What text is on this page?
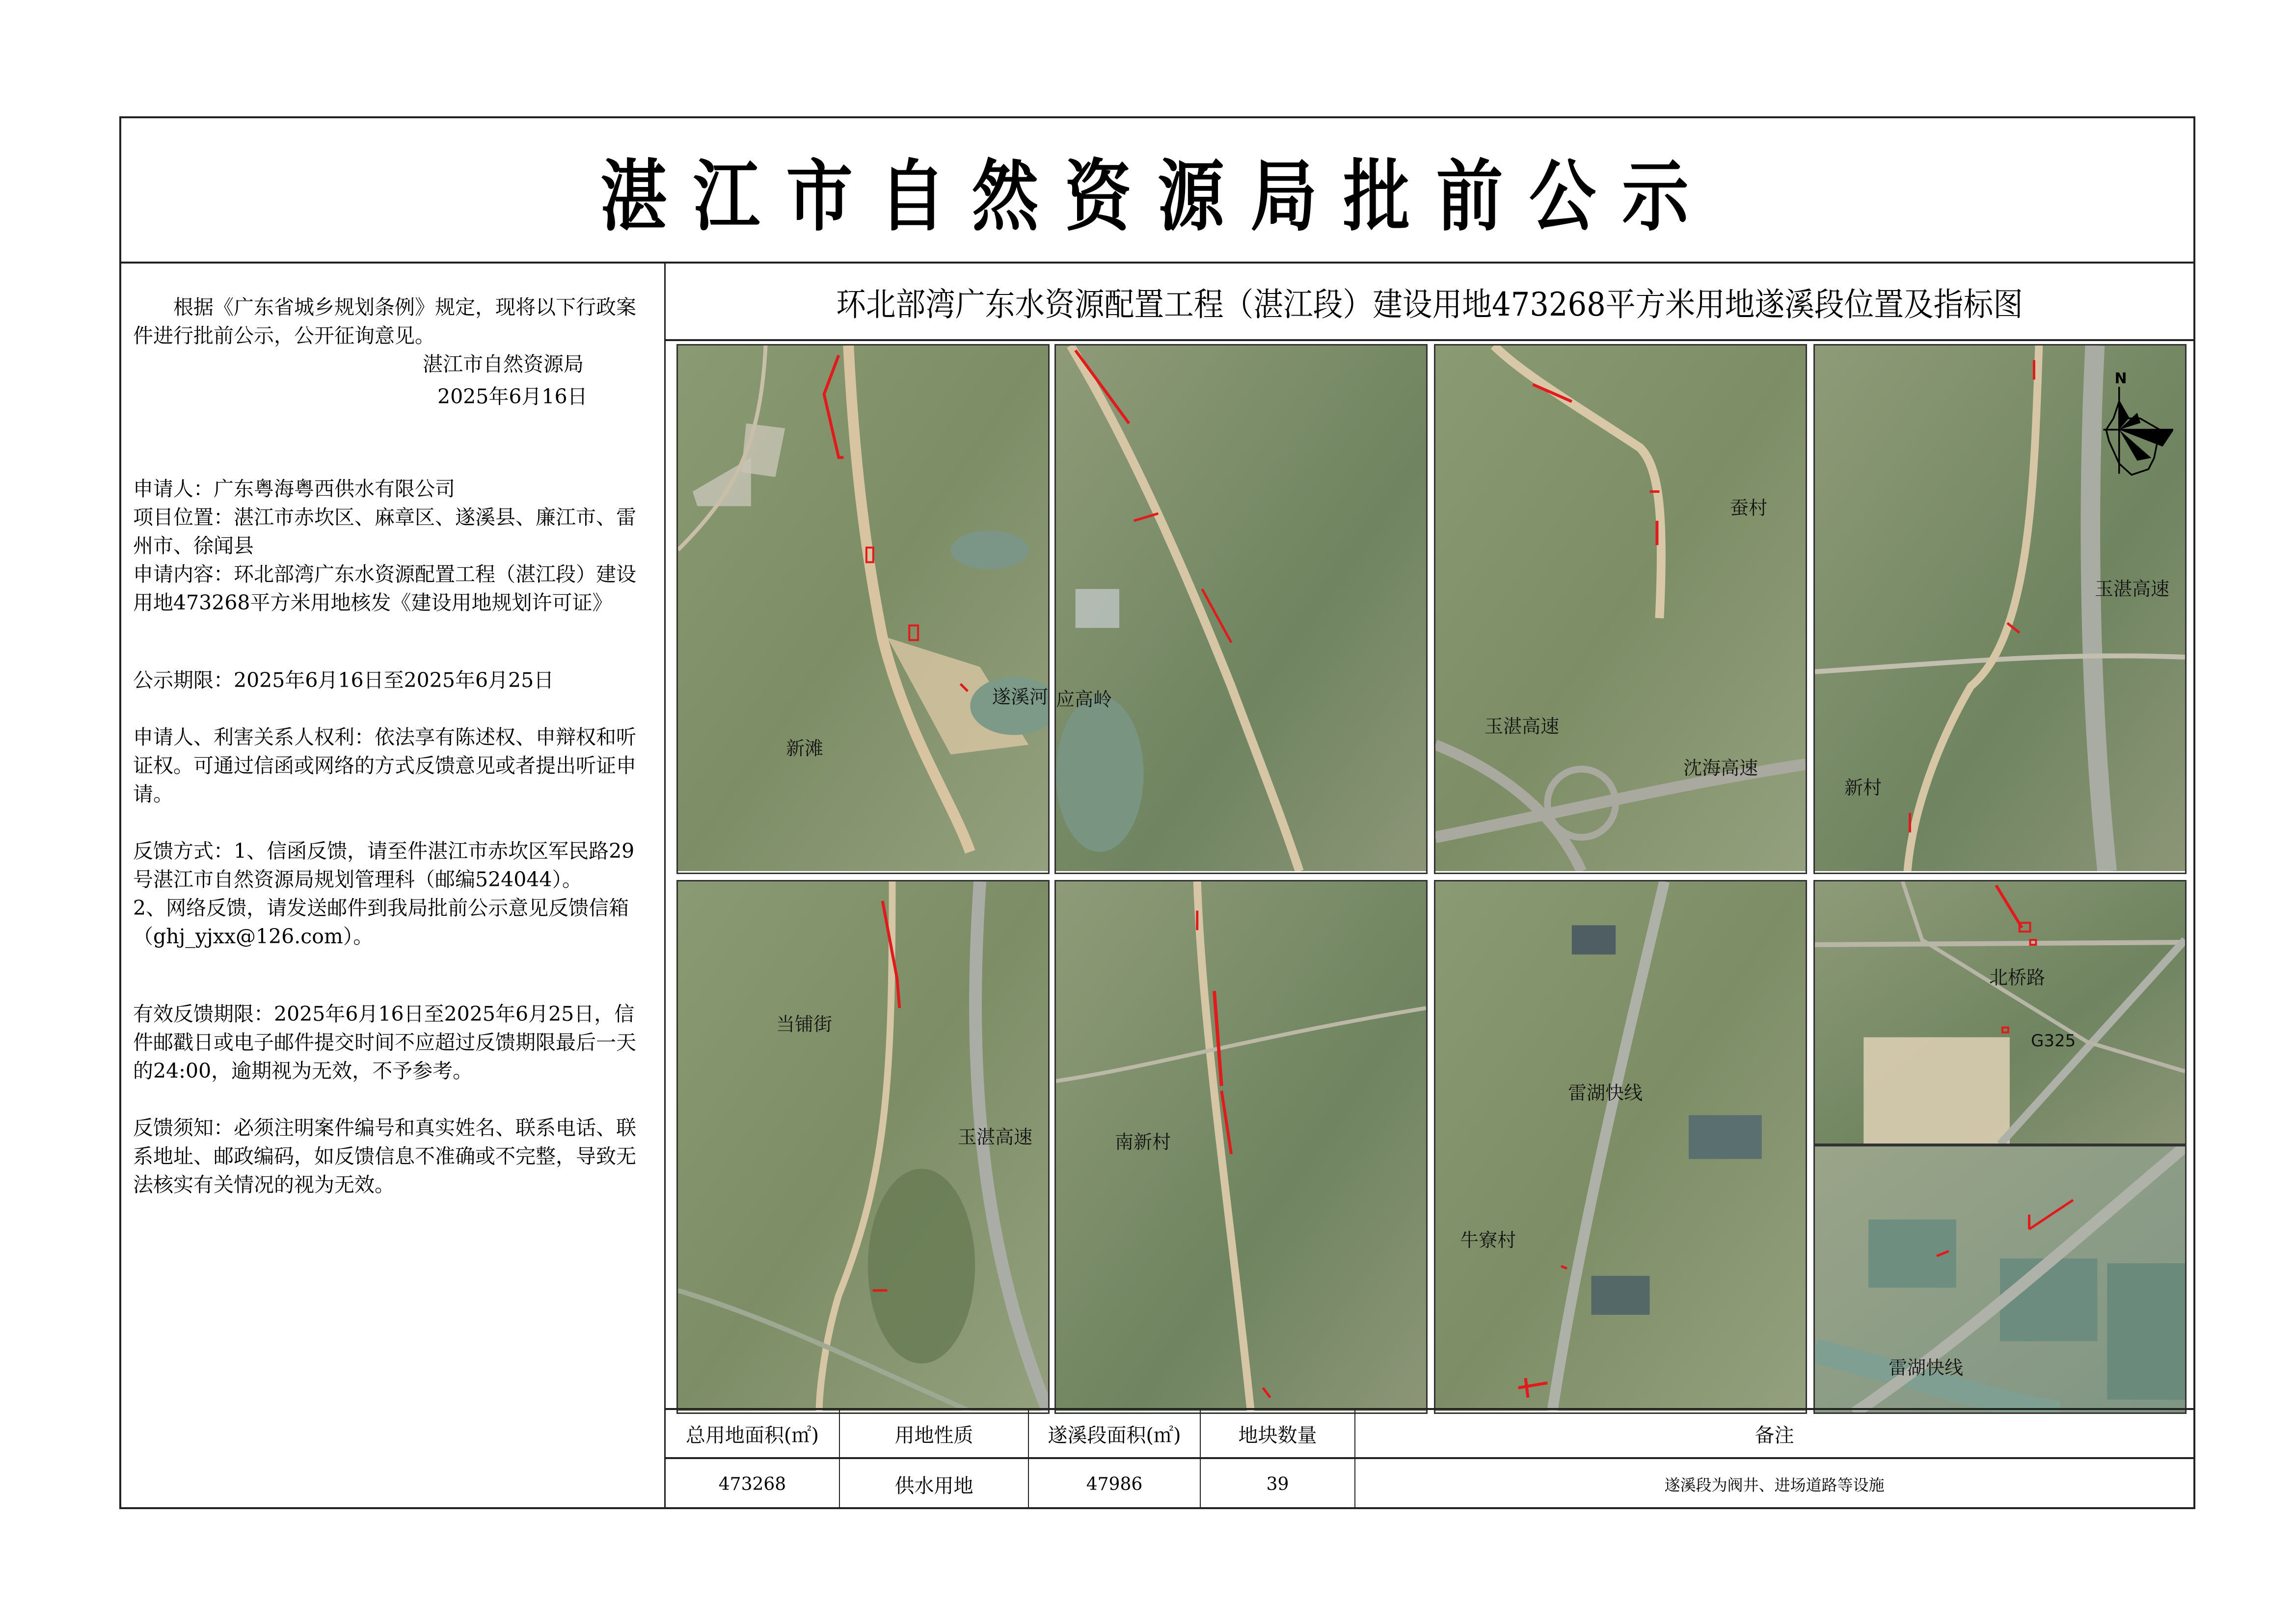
湛江市自然资源局批前公示

根据《广东省城乡规划条例》规定，现将以下行政案件进行批前公示，公开征询意见。

湛江市自然资源局

2025年6月16日

申请人：广东粤海粤西供水有限公司

项目位置：湛江市赤坎区、麻章区、遂溪县、廉江市、雷州市、徐闻县

申请内容：环北部湾广东水资源配置工程（湛江段）建设用地473268平方米用地核发《建设用地规划许可证》

公示期限：2025年6月16日至2025年6月25日

申请人、利害关系人权利：依法享有陈述权、申辩权和听证权。可通过信函或网络的方式反馈意见或者提出听证申请。

反馈方式：1、信函反馈，请至件湛江市赤坎区军民路29号湛江市自然资源局规划管理科（邮编524044）。

2、网络反馈，请发送邮件到我局批前公示意见反馈信箱（ghj_yjxx@126.com）。

有效反馈期限：2025年6月16日至2025年6月25日，信件邮戳日或电子邮件提交时间不应超过反馈期限最后一天的24:00，逾期视为无效，不予参考。

反馈须知：必须注明案件编号和真实姓名、联系电话、联系地址、邮政编码，如反馈信息不准确或不完整，导致无法核实有关情况的视为无效。

环北部湾广东水资源配置工程（湛江段）建设用地473268平方米用地遂溪段位置及指标图
新滩
遂溪河 应高岭
蚕村
玉湛高速
沈海高速
玉湛高速
新村
N
当铺街
玉湛高速	南新村
雷湖快线
牛寮村
北桥路
G325
雷湖快线
总用地面积(㎡)	用地性质	遂溪段面积(㎡)	地块数量	备注
473268	供水用地	47986	39	遂溪段为阀井、进场道路等设施
